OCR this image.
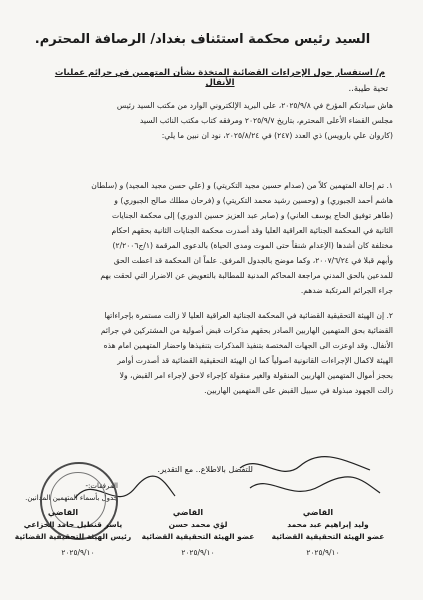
السيد رئيس محكمة استئناف بغداد/ الرصافة المحترم.
م/ استفسار حول الإجراءات القضائية المتخذة بشأن المتهمين في جرائم عمليات الأنفال
تحية طيبة..
هاش سيادتكم المؤرخ في ٢٠٢٥/٩/٨، على البريد الإلكتروني الوارد من مكتب السيد رئيس
مجلس القضاء الأعلى المحترم، بتاريخ ٢٠٢٥/٩/٧ ومرفقه كتاب مكتب النائب السيد
(كاروان علي بارويس) ذي العدد (٢٤٧) في ٢٠٢٥/٨/٢٤، نود ان نبين ما يلي:
١. تم إحالة المتهمين كلاً من (صدام حسين مجيد التكريتي) و (علي حسن مجيد المجيد) و (سلطان
هاشم أحمد الجبوري) و (وحسين رشيد محمد التكريتي) و (فرحان مطلك صالح الجبوري) و
(طاهر توفيق الحاج يوسف العاني) و (صابر عبد العزيز حسين الدوري) إلى محكمة الجنايات
الثانية في المحكمة الجنائية العراقية العليا وقد أصدرت محكمة الجنايات الثانية بحقهم احكام
مختلفة كان أشدها (الإعدام شنقاً حتى الموت ومدى الحياة) بالدعوى المرقمة (١/ج٢/٢٠٠٦)
وأبهم قبلا في ٢٠٠٧/٦/٢٤، وكما موضح بالجدول المرفق. علماً ان المحكمة قد اعطت الحق
للمدعين بالحق المدني مراجعة المحاكم المدنية للمطالبة بالتعويض عن الاضرار التي لحقت بهم
جراء الجرائم المرتكبة ضدهم.
٢. إن الهيئة التحقيقية القضائية في المحكمة الجنائية العراقية العليا لا زالت مستمرة بإجراءاتها
القضائية بحق المتهمين الهاربين الصادر بحقهم مذكرات قبض أصولية من المشتركين في جرائم
الأنفال. وقد اوعزت الى الجهات المختصة بتنفيذ المذكرات بتنفيذها واحضار المتهمين امام هذه
الهيئة لاكمال الإجراءات القانونية اصولياً كما ان الهيئة التحقيقية القضائية قد أصدرت أوامر
بحجز أموال المتهمين الهاربين المنقولة والغير منقولة كإجراء لاحق لإجراء امر القبض، ولا
زالت الجهود مبذولة في سبيل القبض على المتهمين الهاربين.
للتفضل بالاطلاع.. مع التقدير.
المرفقات:-
جدول بأسماء المتهمين المدانين.
القاضي
وليد إبراهيم عبد محمد
عضو الهيئة التحقيقية القضائية
٢٠٢٥/٩/١٠
القاضي
لؤي محمد حسن
عضو الهيئة التحقيقية القضائية
٢٠٢٥/٩/١٠
القاضي
ياسر قنطيل حامد الخزاعي
رئيس الهيئة التحقيقية القضائية
٢٠٢٥/٩/١٠
